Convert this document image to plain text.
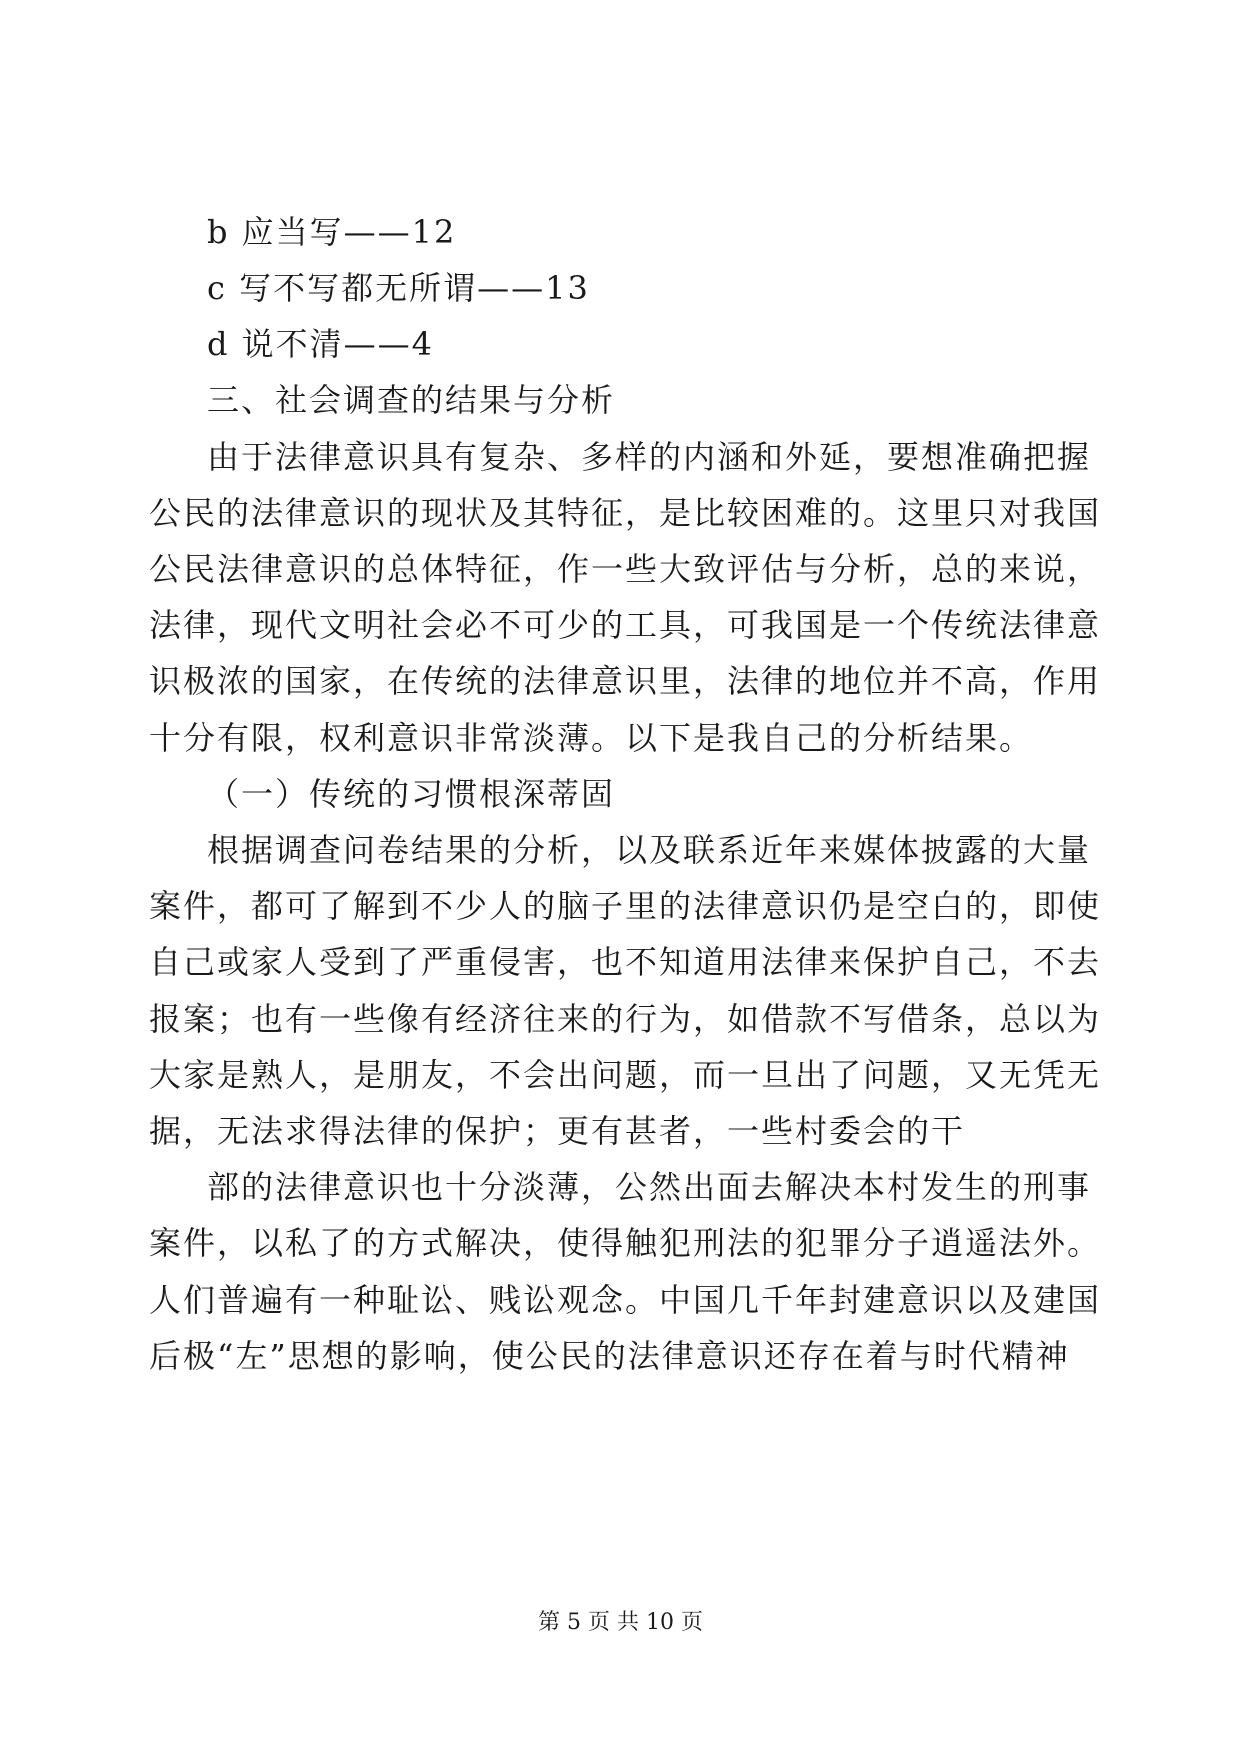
b 应当写——12
c 写不写都无所谓——13
d 说不清——4
三、社会调查的结果与分析
由于法律意识具有复杂、多样的内涵和外延，要想准确把握
公民的法律意识的现状及其特征，是比较困难的。这里只对我国
公民法律意识的总体特征，作一些大致评估与分析，总的来说，
法律，现代文明社会必不可少的工具，可我国是一个传统法律意
识极浓的国家，在传统的法律意识里，法律的地位并不高，作用
十分有限，权利意识非常淡薄。以下是我自己的分析结果。
（一）传统的习惯根深蒂固
根据调查问卷结果的分析，以及联系近年来媒体披露的大量
案件，都可了解到不少人的脑子里的法律意识仍是空白的，即使
自己或家人受到了严重侵害，也不知道用法律来保护自己，不去
报案；也有一些像有经济往来的行为，如借款不写借条，总以为
大家是熟人，是朋友，不会出问题，而一旦出了问题，又无凭无
据，无法求得法律的保护；更有甚者，一些村委会的干
部的法律意识也十分淡薄，公然出面去解决本村发生的刑事
案件，以私了的方式解决，使得触犯刑法的犯罪分子逍遥法外。
人们普遍有一种耻讼、贱讼观念。中国几千年封建意识以及建国
后极“左”思想的影响，使公民的法律意识还存在着与时代精神
第 5 页 共 10 页
